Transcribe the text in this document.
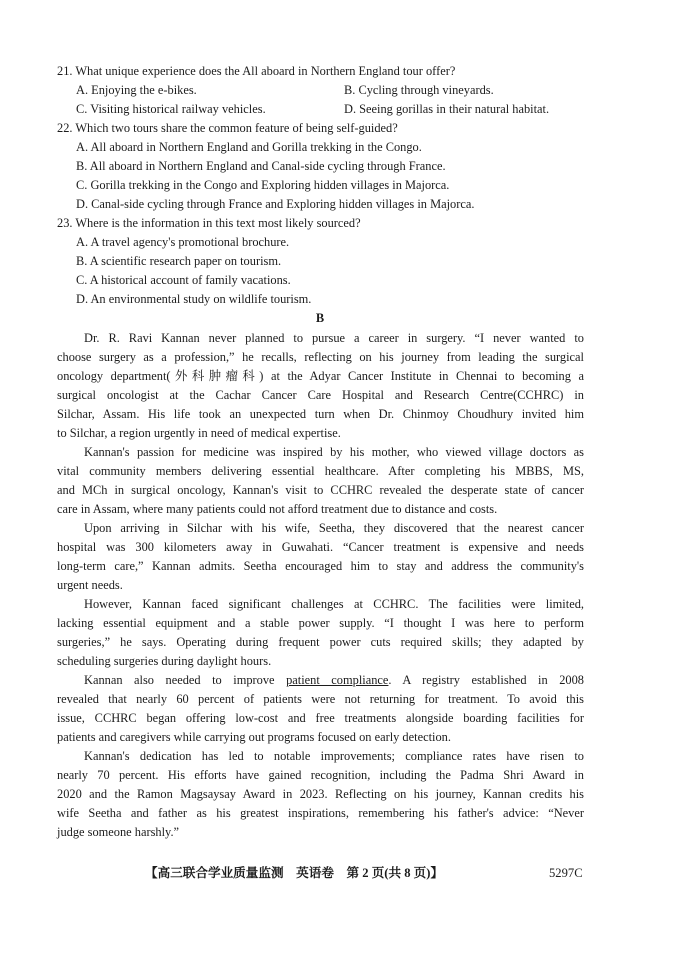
21. What unique experience does the All aboard in Northern England tour offer?
A. Enjoying the e-bikes.	B. Cycling through vineyards.
C. Visiting historical railway vehicles.	D. Seeing gorillas in their natural habitat.
22. Which two tours share the common feature of being self-guided?
A. All aboard in Northern England and Gorilla trekking in the Congo.
B. All aboard in Northern England and Canal-side cycling through France.
C. Gorilla trekking in the Congo and Exploring hidden villages in Majorca.
D. Canal-side cycling through France and Exploring hidden villages in Majorca.
23. Where is the information in this text most likely sourced?
A. A travel agency's promotional brochure.
B. A scientific research paper on tourism.
C. A historical account of family vacations.
D. An environmental study on wildlife tourism.
B
Dr. R. Ravi Kannan never planned to pursue a career in surgery. “I never wanted to
choose surgery as a profession,” he recalls, reflecting on his journey from leading the surgical
oncology department(外科肿瘤科) at the Adyar Cancer Institute in Chennai to becoming a
surgical oncologist at the Cachar Cancer Care Hospital and Research Centre(CCHRC) in
Silchar, Assam. His life took an unexpected turn when Dr. Chinmoy Choudhury invited him
to Silchar, a region urgently in need of medical expertise.
Kannan's passion for medicine was inspired by his mother, who viewed village doctors as
vital community members delivering essential healthcare. After completing his MBBS, MS,
and MCh in surgical oncology, Kannan's visit to CCHRC revealed the desperate state of cancer
care in Assam, where many patients could not afford treatment due to distance and costs.
Upon arriving in Silchar with his wife, Seetha, they discovered that the nearest cancer
hospital was 300 kilometers away in Guwahati. “Cancer treatment is expensive and needs
long-term care,” Kannan admits. Seetha encouraged him to stay and address the community's
urgent needs.
However, Kannan faced significant challenges at CCHRC. The facilities were limited,
lacking essential equipment and a stable power supply. “I thought I was here to perform
surgeries,” he says. Operating during frequent power cuts required skills; they adapted by
scheduling surgeries during daylight hours.
Kannan also needed to improve patient compliance. A registry established in 2008
revealed that nearly 60 percent of patients were not returning for treatment. To avoid this
issue, CCHRC began offering low-cost and free treatments alongside boarding facilities for
patients and caregivers while carrying out programs focused on early detection.
Kannan's dedication has led to notable improvements; compliance rates have risen to
nearly 70 percent. His efforts have gained recognition, including the Padma Shri Award in
2020 and the Ramon Magsaysay Award in 2023. Reflecting on his journey, Kannan credits his
wife Seetha and father as his greatest inspirations, remembering his father's advice: “Never
judge someone harshly.”
【高三联合学业质量监测　英语卷　第 2 页(共 8 页)】	5297C
